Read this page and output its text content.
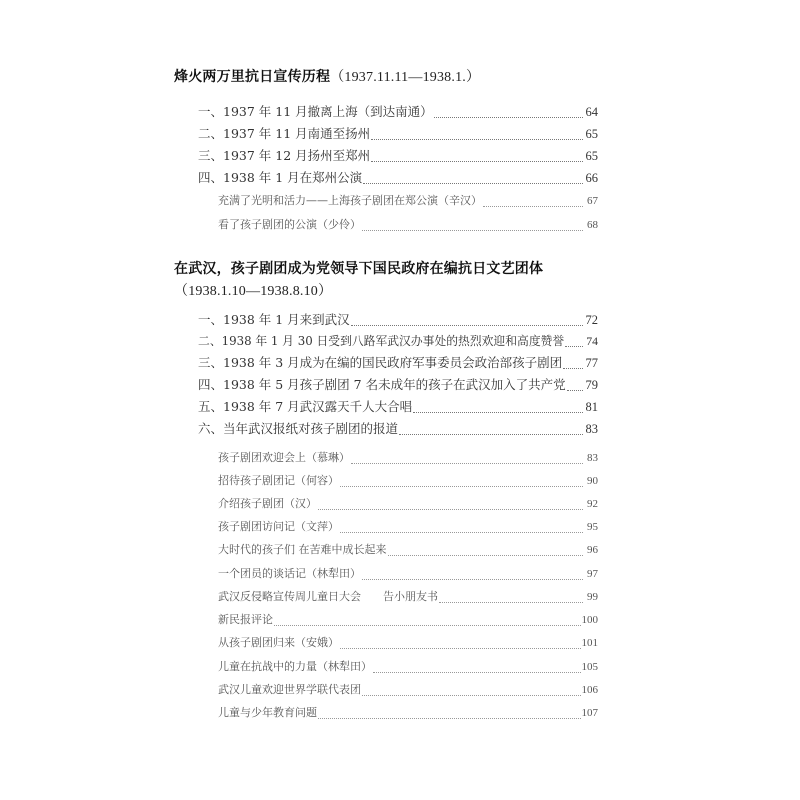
烽火两万里抗日宣传历程（1937.11.11—1938.1.）
一、1937 年 11 月撤离上海（到达南通）	64
二、1937 年 11 月南通至扬州	65
三、1937 年 12 月扬州至郑州	65
四、1938 年 1 月在郑州公演	66
充满了光明和活力——上海孩子剧团在郑公演（辛汉）	67
看了孩子剧团的公演（少伶）	68
在武汉，孩子剧团成为党领导下国民政府在编抗日文艺团体（1938.1.10—1938.8.10）
一、1938 年 1 月来到武汉	72
二、1938 年 1 月 30 日受到八路军武汉办事处的热烈欢迎和高度赞誉 74
三、1938 年 3 月成为在编的国民政府军事委员会政治部孩子剧团 77
四、1938 年 5 月孩子剧团 7 名未成年的孩子在武汉加入了共产党 79
五、1938 年 7 月武汉露天千人大合唱	81
六、当年武汉报纸对孩子剧团的报道	83
孩子剧团欢迎会上（慕琳）	83
招待孩子剧团记（何容）	90
介绍孩子剧团（汉）	92
孩子剧团访问记（文萍）	95
大时代的孩子们 在苦难中成长起来	96
一个团员的谈话记（林犁田）	97
武汉反侵略宣传周儿童日大会　　告小朋友书	99
新民报评论	100
从孩子剧团归来（安娥）	101
儿童在抗战中的力量（林犁田）	105
武汉儿童欢迎世界学联代表团	106
儿童与少年教育问题	107
